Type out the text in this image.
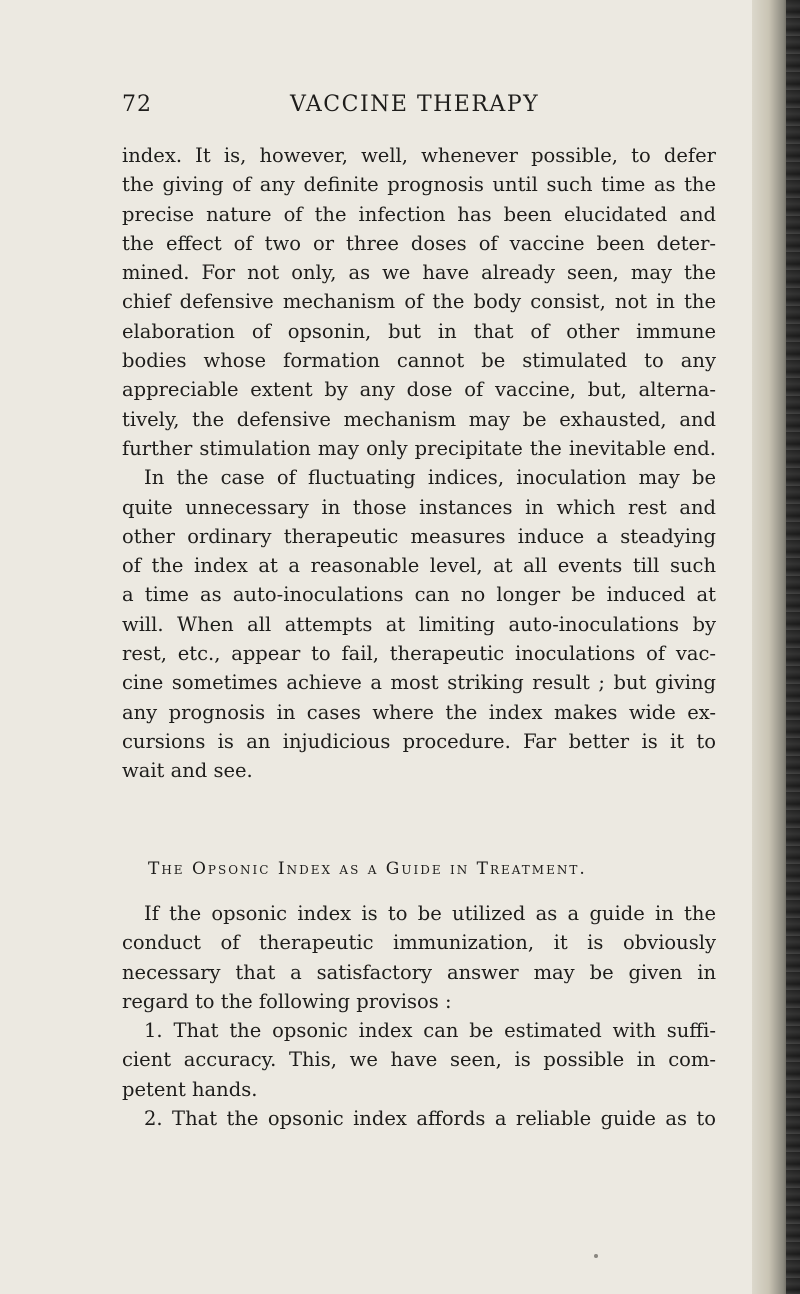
72	VACCINE THERAPY
index. It is, however, well, whenever possible, to defer
the giving of any definite prognosis until such time as the
precise nature of the infection has been elucidated and
the effect of two or three doses of vaccine been deter-
mined. For not only, as we have already seen, may the
chief defensive mechanism of the body consist, not in the
elaboration of opsonin, but in that of other immune
bodies whose formation cannot be stimulated to any
appreciable extent by any dose of vaccine, but, alterna-
tively, the defensive mechanism may be exhausted, and
further stimulation may only precipitate the inevitable end.
In the case of fluctuating indices, inoculation may be
quite unnecessary in those instances in which rest and
other ordinary therapeutic measures induce a steadying
of the index at a reasonable level, at all events till such
a time as auto-inoculations can no longer be induced at
will. When all attempts at limiting auto-inoculations by
rest, etc., appear to fail, therapeutic inoculations of vac-
cine sometimes achieve a most striking result ; but giving
any prognosis in cases where the index makes wide ex-
cursions is an injudicious procedure. Far better is it to
wait and see.
The Opsonic Index as a Guide in Treatment.
If the opsonic index is to be utilized as a guide in the
conduct of therapeutic immunization, it is obviously
necessary that a satisfactory answer may be given in
regard to the following provisos :
1. That the opsonic index can be estimated with suffi-
cient accuracy. This, we have seen, is possible in com-
petent hands.
2. That the opsonic index affords a reliable guide as to
